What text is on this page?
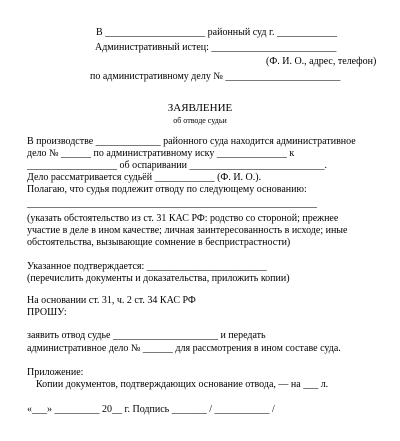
В ____________________ районный суд г. ____________
Административный истец: _________________________
(Ф. И. О., адрес, телефон)
по административному делу № _______________________
ЗАЯВЛЕНИЕ
об отводе судьи
В производстве _____________ районного суда находится административное
дело № ______ по административному иску ______________ к
__________________ об оспаривании ___________________________.
Дело рассматривается судьёй ____________ (Ф. И. О.).
Полагаю, что судья подлежит отводу по следующему основанию:
__________________________________________________________
(указать обстоятельство из ст. 31 КАС РФ: родство со стороной; прежнее
участие в деле в ином качестве; личная заинтересованность в исходе; иные
обстоятельства, вызывающие сомнение в беспристрастности)
Указанное подтверждается: ________________________
(перечислить документы и доказательства, приложить копии)
На основании ст. 31, ч. 2 ст. 34 КАС РФ
ПРОШУ:
заявить отвод судье _____________________ и передать
административное дело № ______ для рассмотрения в ином составе суда.
Приложение:
Копии документов, подтверждающих основание отвода, — на ___ л.
«___» _________ 20__ г. Подпись _______ / ___________ /
